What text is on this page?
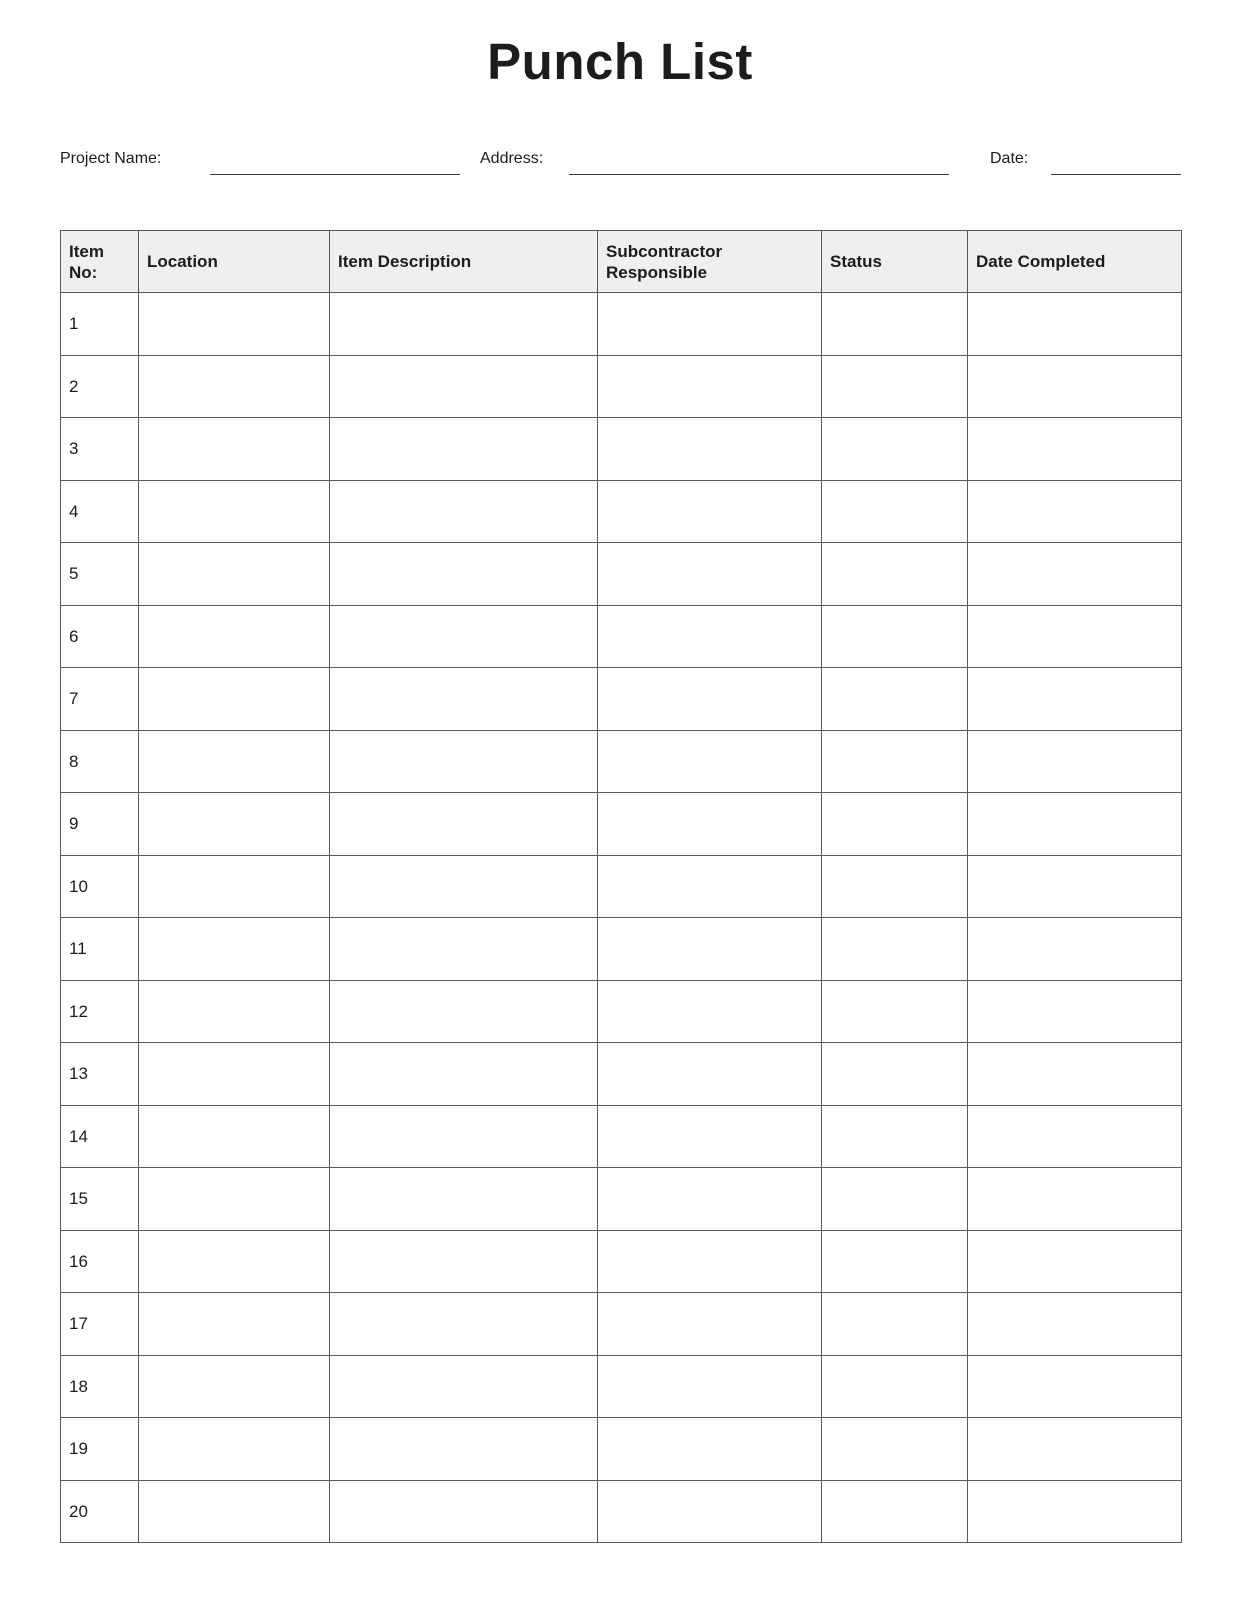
Punch List
Project Name:	Address:	Date:
Item No:	Location	Item Description	Subcontractor Responsible	Status	Date Completed
1					
2					
3					
4					
5					
6					
7					
8					
9					
10					
11					
12					
13					
14					
15					
16					
17					
18					
19					
20					
